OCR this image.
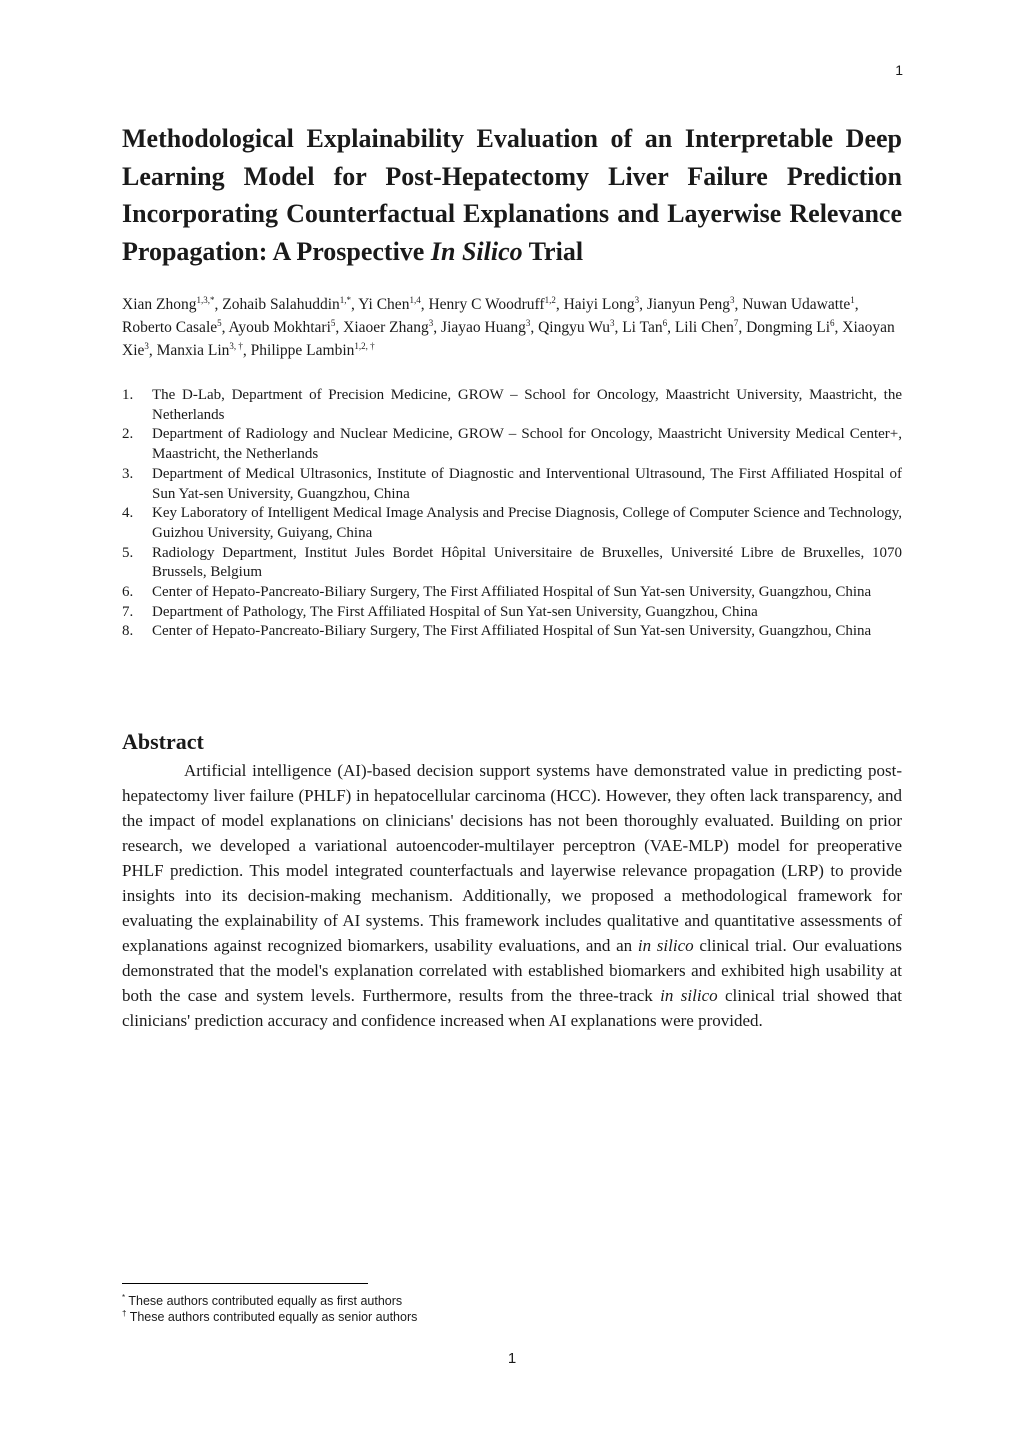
1
Methodological Explainability Evaluation of an Interpretable Deep Learning Model for Post-Hepatectomy Liver Failure Prediction Incorporating Counterfactual Explanations and Layerwise Relevance Propagation: A Prospective In Silico Trial

Xian Zhong$^{1,3,*}$, Zohaib Salahuddin$^{1,*}$, Yi Chen$^{1,4}$, Henry C Woodruff$^{1,2}$, Haiyi Long$^3$, Jianyun Peng$^3$, Nuwan Udawatte$^1$, Roberto Casale$^5$, Ayoub Mokhtari$^5$, Xiaoer Zhang$^3$, Jiayao Huang$^3$, Qingyu Wu$^3$, Li Tan$^6$, Lili Chen$^7$, Dongming Li$^6$, Xiaoyan Xie$^3$, Manxia Lin$^{3, \dagger}$, Philippe Lambin$^{1,2, \dagger}$

1. The D-Lab, Department of Precision Medicine, GROW – School for Oncology, Maastricht University, Maastricht, the Netherlands
2. Department of Radiology and Nuclear Medicine, GROW – School for Oncology, Maastricht University Medical Center+, Maastricht, the Netherlands
3. Department of Medical Ultrasonics, Institute of Diagnostic and Interventional Ultrasound, The First Affiliated Hospital of Sun Yat-sen University, Guangzhou, China
4. Key Laboratory of Intelligent Medical Image Analysis and Precise Diagnosis, College of Computer Science and Technology, Guizhou University, Guiyang, China
5. Radiology Department, Institut Jules Bordet Hôpital Universitaire de Bruxelles, Université Libre de Bruxelles, 1070 Brussels, Belgium
6. Center of Hepato-Pancreato-Biliary Surgery, The First Affiliated Hospital of Sun Yat-sen University, Guangzhou, China
7. Department of Pathology, The First Affiliated Hospital of Sun Yat-sen University, Guangzhou, China
8. Center of Hepato-Pancreato-Biliary Surgery, The First Affiliated Hospital of Sun Yat-sen University, Guangzhou, China
Abstract

Artificial intelligence (AI)-based decision support systems have demonstrated value in predicting post-hepatectomy liver failure (PHLF) in hepatocellular carcinoma (HCC). However, they often lack transparency, and the impact of model explanations on clinicians' decisions has not been thoroughly evaluated. Building on prior research, we developed a variational autoencoder-multilayer perceptron (VAE-MLP) model for preoperative PHLF prediction. This model integrated counterfactuals and layerwise relevance propagation (LRP) to provide insights into its decision-making mechanism. Additionally, we proposed a methodological framework for evaluating the explainability of AI systems. This framework includes qualitative and quantitative assessments of explanations against recognized biomarkers, usability evaluations, and an in silico clinical trial. Our evaluations demonstrated that the model's explanation correlated with established biomarkers and exhibited high usability at both the case and system levels. Furthermore, results from the three-track in silico clinical trial showed that clinicians' prediction accuracy and confidence increased when AI explanations were provided.

* These authors contributed equally as first authors
† These authors contributed equally as senior authors
1
